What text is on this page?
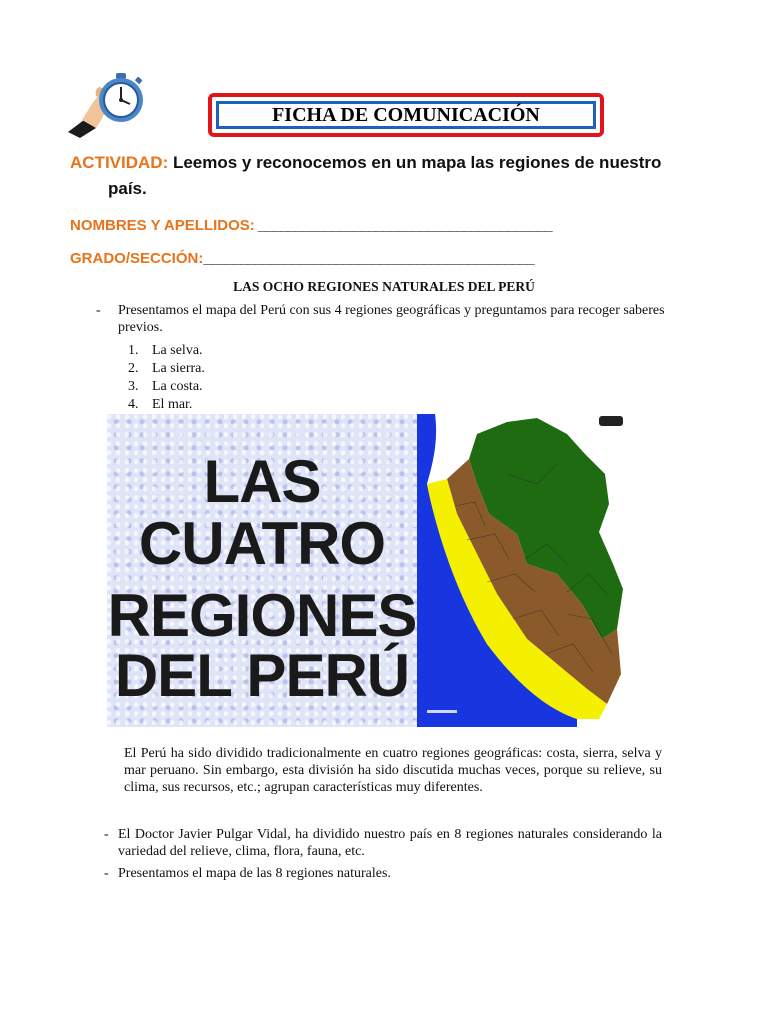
FICHA DE COMUNICACIÓN
ACTIVIDAD: Leemos y reconocemos en un mapa las regiones de nuestro
país.
NOMBRES Y APELLIDOS: ________________________________________
GRADO/SECCIÓN:_____________________________________________
LAS OCHO REGIONES NATURALES DEL PERÚ
-	Presentamos el mapa del Perú con sus 4 regiones geográficas y preguntamos para recoger saberes previos.
1. La selva.
2. La sierra.
3. La costa.
4. El mar.
LAS
CUATRO
REGIONES
DEL PERÚ
El Perú ha sido dividido tradicionalmente en cuatro regiones geográficas: costa, sierra, selva y mar peruano. Sin embargo, esta división ha sido discutida muchas veces, porque su relieve, su clima, sus recursos, etc.; agrupan características muy diferentes.
- El Doctor Javier Pulgar Vidal, ha dividido nuestro país en 8 regiones naturales considerando la variedad del relieve, clima, flora, fauna, etc.
- Presentamos el mapa de las 8 regiones naturales.
